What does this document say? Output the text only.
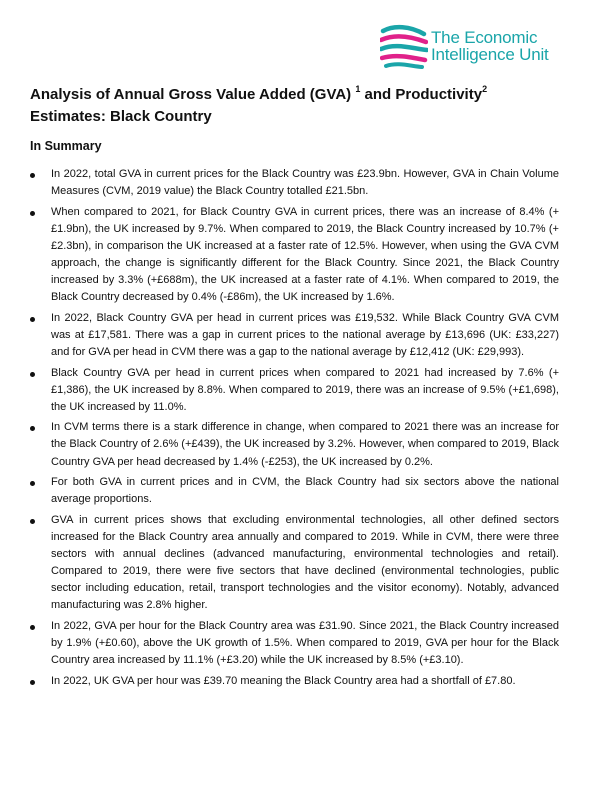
The Economic
Intelligence Unit
Analysis of Annual Gross Value Added (GVA) $^1$ and Productivity$^2$
Estimates: Black Country
In Summary
In 2022, total GVA in current prices for the Black Country was £23.9bn. However, GVA in Chain Volume Measures (CVM, 2019 value) the Black Country totalled £21.5bn.
When compared to 2021, for Black Country GVA in current prices, there was an increase of 8.4% (+£1.9bn), the UK increased by 9.7%. When compared to 2019, the Black Country increased by 10.7% (+£2.3bn), in comparison the UK increased at a faster rate of 12.5%. However, when using the GVA CVM approach, the change is significantly different for the Black Country. Since 2021, the Black Country increased by 3.3% (+£688m), the UK increased at a faster rate of 4.1%. When compared to 2019, the Black Country decreased by 0.4% (-£86m), the UK increased by 1.6%.
In 2022, Black Country GVA per head in current prices was £19,532. While Black Country GVA CVM was at £17,581. There was a gap in current prices to the national average by £13,696 (UK: £33,227) and for GVA per head in CVM there was a gap to the national average by £12,412 (UK: £29,993).
Black Country GVA per head in current prices when compared to 2021 had increased by 7.6% (+£1,386), the UK increased by 8.8%. When compared to 2019, there was an increase of 9.5% (+£1,698), the UK increased by 11.0%.
In CVM terms there is a stark difference in change, when compared to 2021 there was an increase for the Black Country of 2.6% (+£439), the UK increased by 3.2%. However, when compared to 2019, Black Country GVA per head decreased by 1.4% (-£253), the UK increased by 0.2%.
For both GVA in current prices and in CVM, the Black Country had six sectors above the national average proportions.
GVA in current prices shows that excluding environmental technologies, all other defined sectors increased for the Black Country area annually and compared to 2019. While in CVM, there were three sectors with annual declines (advanced manufacturing, environmental technologies and retail). Compared to 2019, there were five sectors that have declined (environmental technologies, public sector including education, retail, transport technologies and the visitor economy). Notably, advanced manufacturing was 2.8% higher.
In 2022, GVA per hour for the Black Country area was £31.90. Since 2021, the Black Country increased by 1.9% (+£0.60), above the UK growth of 1.5%. When compared to 2019, GVA per hour for the Black Country area increased by 11.1% (+£3.20) while the UK increased by 8.5% (+£3.10).
In 2022, UK GVA per hour was £39.70 meaning the Black Country area had a shortfall of £7.80.
